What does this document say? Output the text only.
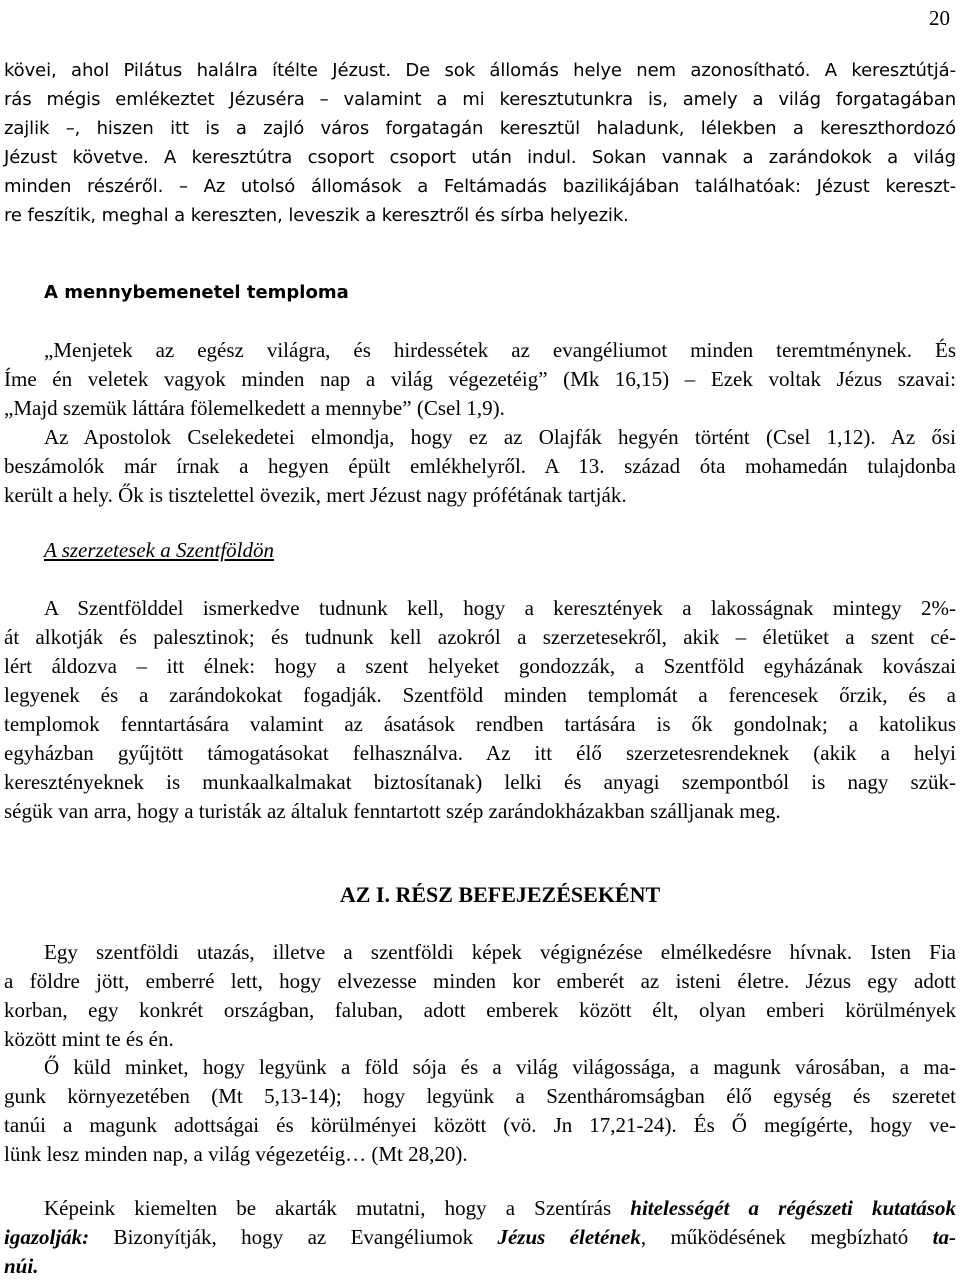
20
kövei, ahol Pilátus halálra ítélte Jézust. De sok állomás helye nem azonosítható. A keresztútjá-
rás mégis emlékeztet Jézuséra – valamint a mi keresztutunkra is, amely a világ forgatagában
zajlik –, hiszen itt is a zajló város forgatagán keresztül haladunk, lélekben a kereszthordozó
Jézust követve. A keresztútra csoport csoport után indul. Sokan vannak a zarándokok a világ
minden részéről. – Az utolsó állomások a Feltámadás bazilikájában találhatóak: Jézust kereszt-
re feszítik, meghal a kereszten, leveszik a keresztről és sírba helyezik.
A mennybemenetel temploma
„Menjetek az egész világra, és hirdessétek az evangéliumot minden teremtménynek. És
Íme én veletek vagyok minden nap a világ végezetéig” (Mk 16,15) – Ezek voltak Jézus szavai:
„Majd szemük láttára fölemelkedett a mennybe” (Csel 1,9).
Az Apostolok Cselekedetei elmondja, hogy ez az Olajfák hegyén történt (Csel 1,12). Az ősi
beszámolók már írnak a hegyen épült emlékhelyről. A 13. század óta mohamedán tulajdonba
került a hely. Ők is tisztelettel övezik, mert Jézust nagy prófétának tartják.
A szerzetesek a Szentföldön
A Szentfölddel ismerkedve tudnunk kell, hogy a keresztények a lakosságnak mintegy 2%-
át alkotják és palesztinok; és tudnunk kell azokról a szerzetesekről, akik – életüket a szent cé-
lért áldozva – itt élnek: hogy a szent helyeket gondozzák, a Szentföld egyházának kovászai
legyenek és a zarándokokat fogadják. Szentföld minden templomát a ferencesek őrzik, és a
templomok fenntartására valamint az ásatások rendben tartására is ők gondolnak; a katolikus
egyházban gyűjtött támogatásokat felhasználva. Az itt élő szerzetesrendeknek (akik a helyi
keresztényeknek is munkaalkalmakat biztosítanak) lelki és anyagi szempontból is nagy szük-
ségük van arra, hogy a turisták az általuk fenntartott szép zarándokházakban szálljanak meg.
AZ I. RÉSZ BEFEJEZÉSEKÉNT
Egy szentföldi utazás, illetve a szentföldi képek végignézése elmélkedésre hívnak. Isten Fia
a földre jött, emberré lett, hogy elvezesse minden kor emberét az isteni életre. Jézus egy adott
korban, egy konkrét országban, faluban, adott emberek között élt, olyan emberi körülmények
között mint te és én.
Ő küld minket, hogy legyünk a föld sója és a világ világossága, a magunk városában, a ma-
gunk környezetében (Mt 5,13-14); hogy legyünk a Szentháromságban élő egység és szeretet
tanúi a magunk adottságai és körülményei között (vö. Jn 17,21-24). És Ő megígérte, hogy ve-
lünk lesz minden nap, a világ végezetéig… (Mt 28,20).
Képeink kiemelten be akarták mutatni, hogy a Szentírás hitelességét a régészeti kutatások
igazolják: Bizonyítják, hogy az Evangéliumok Jézus életének, működésének megbízható ta-
núi.
